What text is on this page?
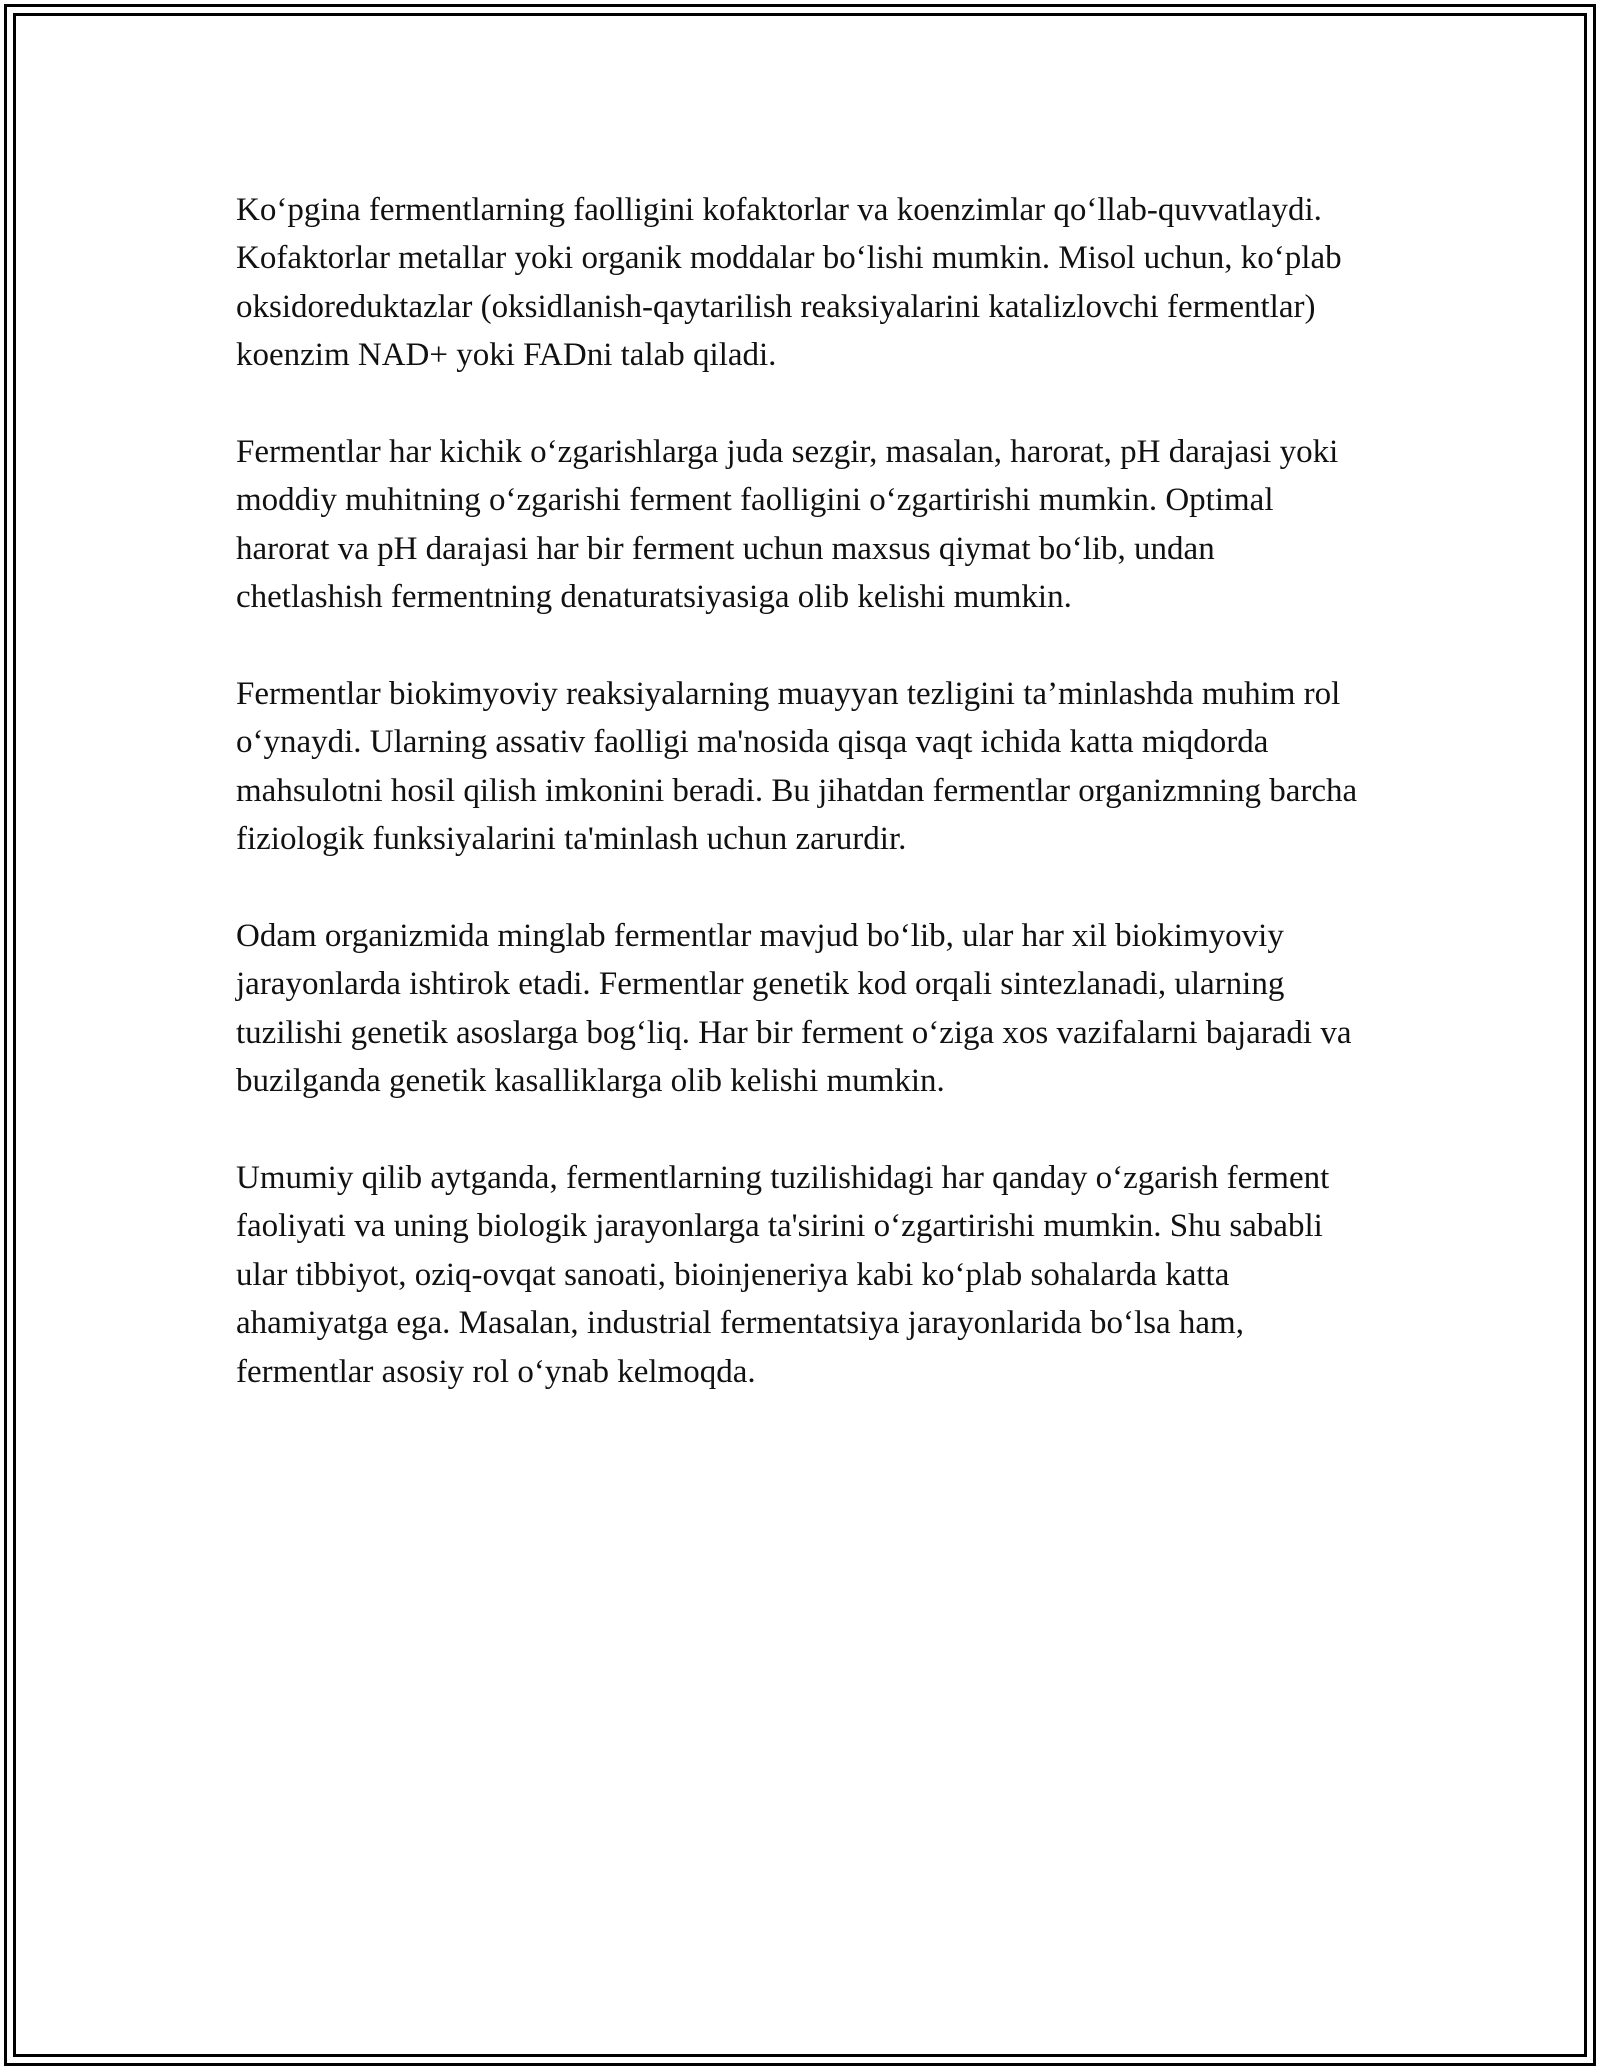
Ko‘pgina fermentlarning faolligini kofaktorlar va koenzimlar qo‘llab-quvvatlaydi. Kofaktorlar metallar yoki organik moddalar bo‘lishi mumkin. Misol uchun, ko‘plab oksidoreduktazlar (oksidlanish-qaytarilish reaksiyalarini katalizlovchi fermentlar) koenzim NAD+ yoki FADni talab qiladi.

Fermentlar har kichik o‘zgarishlarga juda sezgir, masalan, harorat, pH darajasi yoki moddiy muhitning o‘zgarishi ferment faolligini o‘zgartirishi mumkin. Optimal harorat va pH darajasi har bir ferment uchun maxsus qiymat bo‘lib, undan chetlashish fermentning denaturatsiyasiga olib kelishi mumkin.

Fermentlar biokimyoviy reaksiyalarning muayyan tezligini ta’minlashda muhim rol o‘ynaydi. Ularning assativ faolligi ma'nosida qisqa vaqt ichida katta miqdorda mahsulotni hosil qilish imkonini beradi. Bu jihatdan fermentlar organizmning barcha fiziologik funksiyalarini ta'minlash uchun zarurdir.

Odam organizmida minglab fermentlar mavjud bo‘lib, ular har xil biokimyoviy jarayonlarda ishtirok etadi. Fermentlar genetik kod orqali sintezlanadi, ularning tuzilishi genetik asoslarga bog‘liq. Har bir ferment o‘ziga xos vazifalarni bajaradi va buzilganda genetik kasalliklarga olib kelishi mumkin.

Umumiy qilib aytganda, fermentlarning tuzilishidagi har qanday o‘zgarish ferment faoliyati va uning biologik jarayonlarga ta'sirini o‘zgartirishi mumkin. Shu sababli ular tibbiyot, oziq-ovqat sanoati, bioinjeneriya kabi ko‘plab sohalarda katta ahamiyatga ega. Masalan, industrial fermentatsiya jarayonlarida bo‘lsa ham, fermentlar asosiy rol o‘ynab kelmoqda.
